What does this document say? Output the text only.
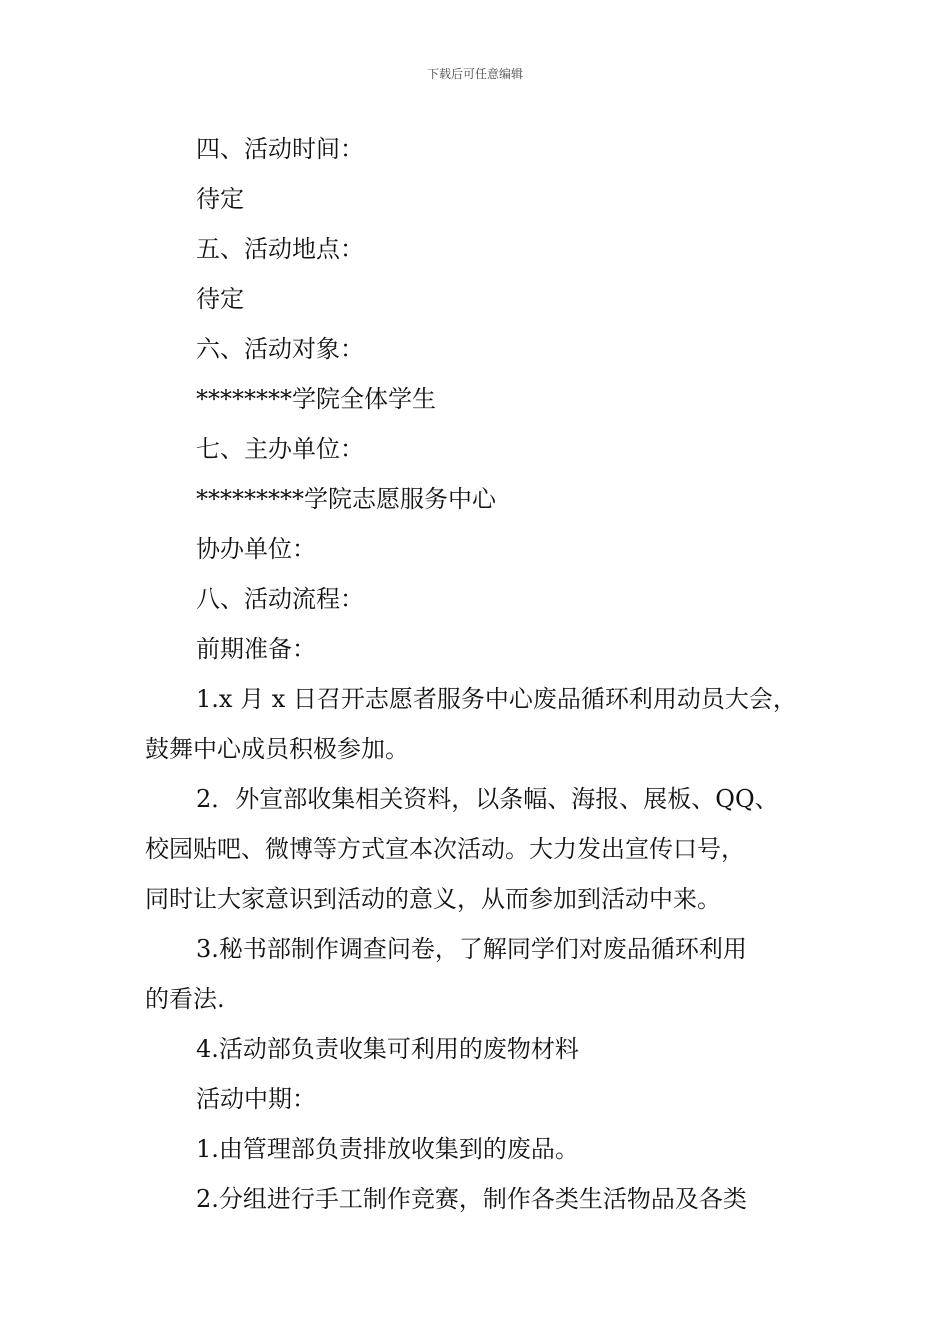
下载后可任意编辑
四、活动时间：
待定
五、活动地点：
待定
六、活动对象：
********学院全体学生
七、主办单位：
*********学院志愿服务中心
协办单位：
八、活动流程：
前期准备：
1.x 月 x 日召开志愿者服务中心废品循环利用动员大会，
鼓舞中心成员积极参加。
2．外宣部收集相关资料，以条幅、海报、展板、QQ、
校园贴吧、微博等方式宣本次活动。大力发出宣传口号，
同时让大家意识到活动的意义，从而参加到活动中来。
3.秘书部制作调查问卷，了解同学们对废品循环利用
的看法.
4.活动部负责收集可利用的废物材料
活动中期：
1.由管理部负责排放收集到的废品。
2.分组进行手工制作竞赛，制作各类生活物品及各类
